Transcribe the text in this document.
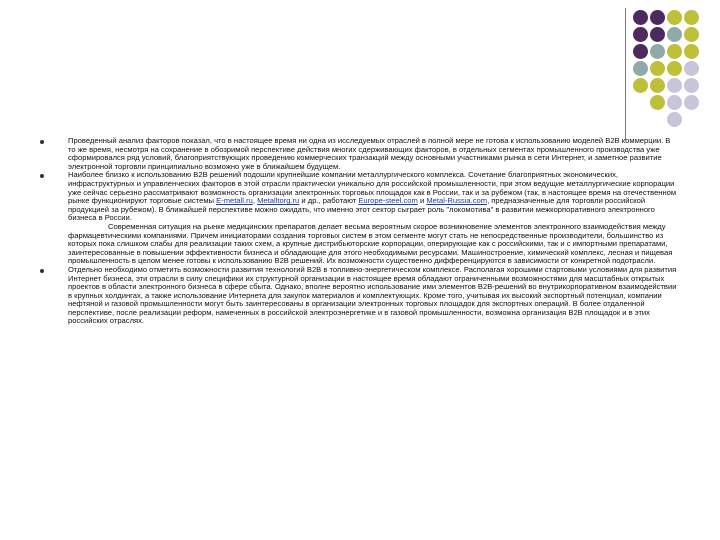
Проведенный анализ факторов показал, что в настоящее время ни одна из исследуемых отраслей в полной мере не готова к использованию моделей B2B коммерции. В то же время, несмотря на сохранение в обозримой перспективе действия многих сдерживающих факторов, в отдельных сегментах промышленного производства уже сформировался ряд условий, благоприятствующих проведению коммерческих транзакций между основными участниками рынка в сети Интернет, и заметное развитие электронной торговли принципиально возможно уже в ближайшем будущем.

Наиболее близко к использованию B2B решений подошли крупнейшие компании металлургического комплекса. Сочетание благоприятных экономических, инфраструктурных и управленческих факторов в этой отрасли практически уникально для российской промышленности, при этом ведущие металлургические корпорации уже сейчас серьезно рассматривают возможность организации электронных торговых площадок как в России, так и за рубежом (так, в настоящее время на отечественном рынке функционируют торговые системы E-metall.ru, Metalltorg.ru и др., работают Europe-steel.com и Metal-Russia.com, предназначенные для торговли российской продукцией за рубежом). В ближайшей перспективе можно ожидать, что именно этот сектор сыграет роль "локомотива" в развитии межкорпоративного электронного бизнеса в России.

Современная ситуация на рынке медицинских препаратов делает весьма вероятным скорое возникновение элементов электронного взаимодействия между фармацевтическими компаниями. Причем инициаторами создания торговых систем в этом сегменте могут стать не непосредственные производители, большинство из которых пока слишком слабы для реализации таких схем, а крупные дистрибьюторские корпорации, оперирующие как с российскими, так и с импортными препаратами, заинтересованные в повышении эффективности бизнеса и обладающие для этого необходимыми ресурсами. Машиностроение, химический комплекс, лесная и пищевая промышленность в целом менее готовы к использованию B2B решений. Их возможности существенно дифференцируются в зависимости от конкретной подотрасли.

Отдельно необходимо отметить возможности развития технологий B2B в топливно-энергетическом комплексе. Располагая хорошими стартовыми условиями для развития Интернет бизнеса, эти отрасли в силу специфики их структурной организации в настоящее время обладают ограниченными возможностями для масштабных открытых проектов в области электронного бизнеса в сфере сбыта. Однако, вполне вероятно использование ими элементов B2B-решений во внутрикорпоративном взаимодействии в крупных холдингах, а также использование Интернета для закупок материалов и комплектующих. Кроме того, учитывая их высокий экспортный потенциал, компании нефтяной и газовой промышленности могут быть заинтересованы в организации электронных торговых площадок для экспортных операций. В более отдаленной перспективе, после реализации реформ, намеченных в российской электроэнергетике и в газовой промышленности, возможна организация B2B площадок и в этих российских отраслях.
